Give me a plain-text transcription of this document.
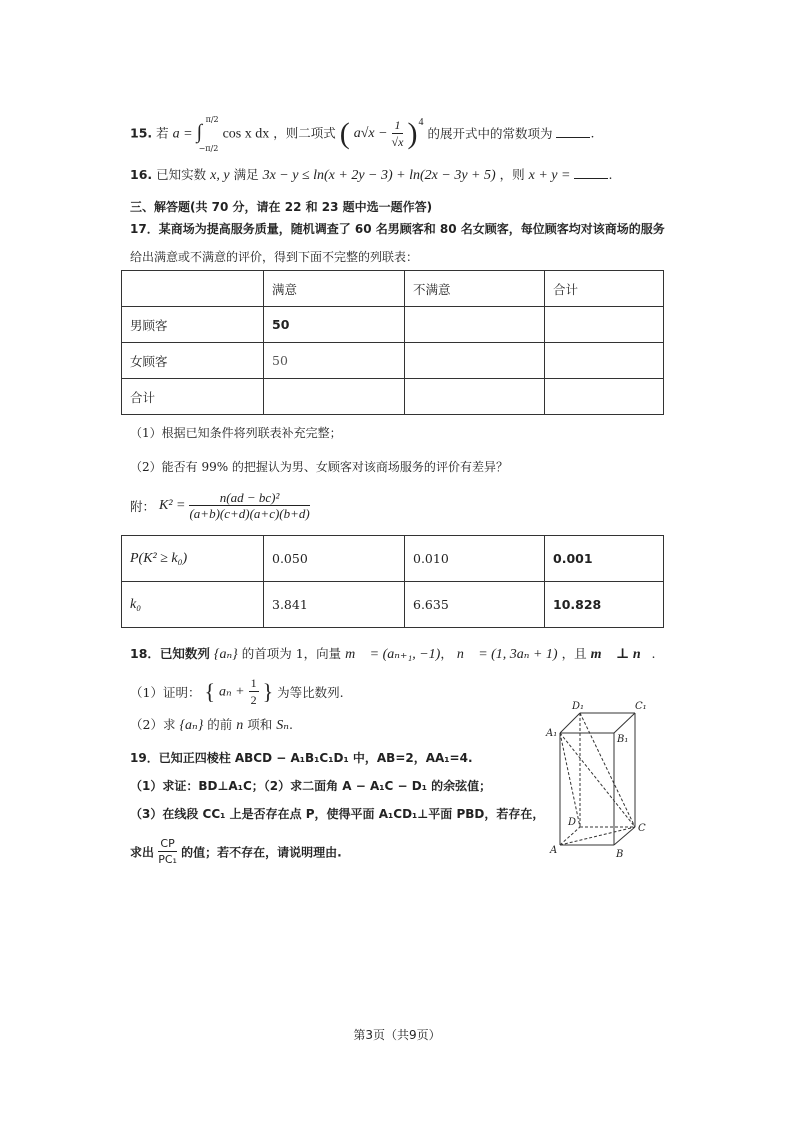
15. 若 a = ∫
π/2
−π/2
cos x dx ，则二项式 ( $a√x - \frac{1}{√x}$ ) 4
的展开式中的常数项为	.
16. 已知实数 x, y 满足 3x − y ≤ ln(x + 2y − 3) + ln(2x − 3y + 5) ，则 x + y =	.
三、解答题(共 70 分，请在 22 和 23 题中选一题作答)
17．某商场为提高服务质量，随机调查了 60 名男顾客和 80 名女顾客，每位顾客均对该商场的服务
给出满意或不满意的评价，得到下面不完整的列联表：
	满意	不满意	合计
男顾客	50		
女顾客	50		
合计			
（1）根据已知条件将列联表补充完整；
（2）能否有 99% 的把握认为男、女顾客对该商场服务的评价有差异？
附： $K^2 = \frac{\text{n(ad − bc)²}}{(a+b)(c+d)(a+c)(b+d)}$
P(K² ≥ k₀)	0.050	0.010	0.001
k₀	3.841	6.635	10.828
18．已知数列 {aₙ} 的首项为 1，向量 m⃗ = (aₙ₊₁, −1)， n⃗ = (1, 3aₙ + 1) ，且 m⃗ ⊥ n⃗.
（1）证明： { $a_n + \frac{1}{2}$ } 为等比数列.
（2）求 {aₙ} 的前 n 项和 Sₙ.
19．已知正四棱柱 ABCD − A₁B₁C₁D₁ 中，AB=2，AA₁=4.
（1）求证：BD⊥A₁C；（2）求二面角 A − A₁C − D₁ 的余弦值；
（3）在线段 CC₁ 上是否存在点 P，使得平面 A₁CD₁⊥平面 PBD，若存在，
求出 $\frac{CP}{\text{PC₁}}$ 的值；若不存在，请说明理由.
D₁	C₁
A₁
B₁
D
C
A	B
第3页（共9页）
